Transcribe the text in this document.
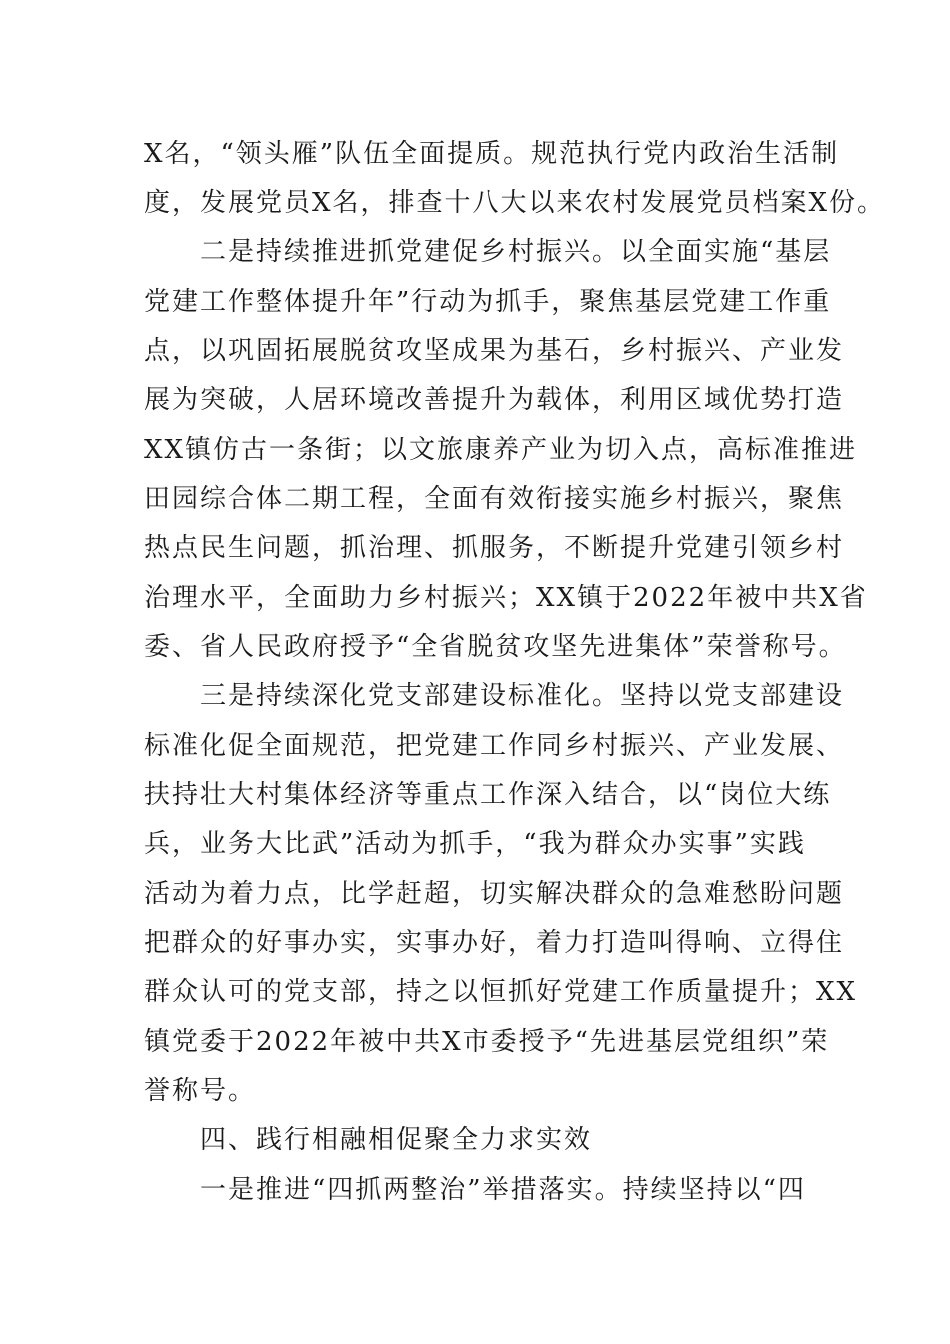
X名，“领头雁”队伍全面提质。规范执行党内政治生活制
度，发展党员X名，排查十八大以来农村发展党员档案X份。
　　二是持续推进抓党建促乡村振兴。以全面实施“基层
党建工作整体提升年”行动为抓手，聚焦基层党建工作重
点，以巩固拓展脱贫攻坚成果为基石，乡村振兴、产业发
展为突破，人居环境改善提升为载体，利用区域优势打造
XX镇仿古一条街；以文旅康养产业为切入点，高标准推进
田园综合体二期工程，全面有效衔接实施乡村振兴，聚焦
热点民生问题，抓治理、抓服务，不断提升党建引领乡村
治理水平，全面助力乡村振兴；XX镇于2022年被中共X省
委、省人民政府授予“全省脱贫攻坚先进集体”荣誉称号。
　　三是持续深化党支部建设标准化。坚持以党支部建设
标准化促全面规范，把党建工作同乡村振兴、产业发展、
扶持壮大村集体经济等重点工作深入结合，以“岗位大练
兵，业务大比武”活动为抓手，“我为群众办实事”实践
活动为着力点，比学赶超，切实解决群众的急难愁盼问题
把群众的好事办实，实事办好，着力打造叫得响、立得住
群众认可的党支部，持之以恒抓好党建工作质量提升；XX
镇党委于2022年被中共X市委授予“先进基层党组织”荣
誉称号。
　　四、践行相融相促聚全力求实效
　　一是推进“四抓两整治”举措落实。持续坚持以“四
